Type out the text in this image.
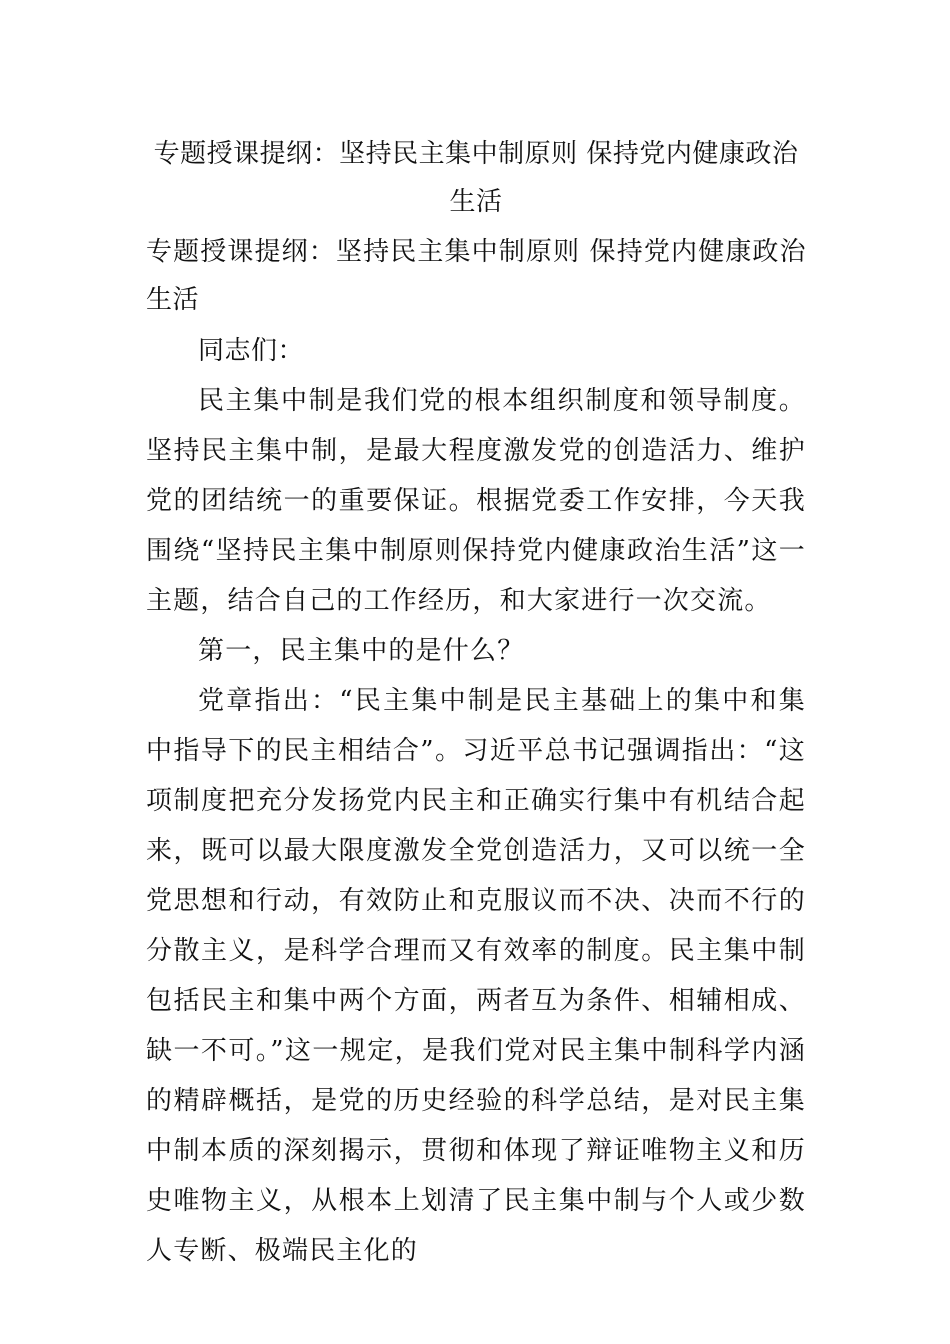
专题授课提纲：坚持民主集中制原则 保持党内健康政治生活

专题授课提纲：坚持民主集中制原则 保持党内健康政治生活

同志们：

民主集中制是我们党的根本组织制度和领导制度。坚持民主集中制，是最大程度激发党的创造活力、维护党的团结统一的重要保证。根据党委工作安排，今天我围绕“坚持民主集中制原则保持党内健康政治生活”这一主题，结合自己的工作经历，和大家进行一次交流。

第一，民主集中的是什么？

党章指出：“民主集中制是民主基础上的集中和集中指导下的民主相结合”。习近平总书记强调指出：“这项制度把充分发扬党内民主和正确实行集中有机结合起来，既可以最大限度激发全党创造活力，又可以统一全党思想和行动，有效防止和克服议而不决、决而不行的分散主义，是科学合理而又有效率的制度。民主集中制包括民主和集中两个方面，两者互为条件、相辅相成、缺一不可。”这一规定，是我们党对民主集中制科学内涵的精辟概括，是党的历史经验的科学总结，是对民主集中制本质的深刻揭示，贯彻和体现了辩证唯物主义和历史唯物主义，从根本上划清了民主集中制与个人或少数人专断、极端民主化的
